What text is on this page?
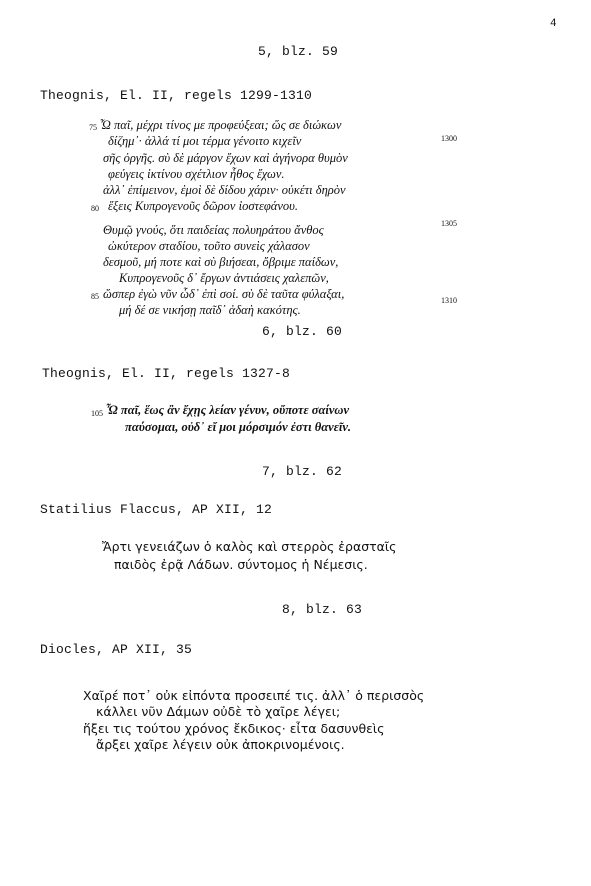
4
5, blz. 59
Theognis, El. II, regels 1299-1310
75 Ὦ παῖ, μέχρι τίνος με προφεύξεαι; ὥς σε διώκων
δίζημ᾽· ἀλλά τί μοι τέρμα γένοιτο κιχεῖν	1300
σῆς ὀργῆς. σὺ δὲ μάργον ἔχων καὶ ἀγήνορα θυμὸν
φεύγεις ἰκτίνου σχέτλιον ἦθος ἔχων.
ἀλλ᾽ ἐπίμεινον, ἐμοὶ δὲ δίδου χάριν· οὐκέτι δηρὸν
80 ἕξεις Κυπρογενοῦς δῶρον ἰοστεφάνου.
Θυμῷ γνούς, ὅτι παιδείας πολυηράτου ἄνθος	1305
ὠκύτερον σταδίου, τοῦτο συνεὶς χάλασον
δεσμοῦ, μή ποτε καὶ σὺ βιήσεαι, ὄβριμε παίδων,
Κυπρογενοῦς δ᾽ ἔργων ἀντιάσεις χαλεπῶν,
85 ὥσπερ ἐγὼ νῦν ὧδ᾽ ἐπὶ σοί. σὺ δὲ ταῦτα φύλαξαι,
μή δέ σε νικήσῃ παῖδ᾽ ἀδαὴ κακότης.
1310
6, blz. 60
Theognis, El. II, regels 1327-8
105 Ὦ παῖ, ἕως ἂν ἔχῃς λείαν γένυν, οὔποτε σαίνων
παύσομαι, οὐδ᾽ εἴ μοι μόρσιμόν ἐστι θανεῖν.
7, blz. 62
Statilius Flaccus, AP XII, 12
Ἄρτι γενειάζων ὁ καλὸς καὶ στερρὸς ἐρασταῖς
παιδὸς ἐρᾷ Λάδων. σύντομος ἡ Νέμεσις.
8, blz. 63
Diocles, AP XII, 35
Χαῖρέ ποτ᾽ οὐκ εἰπόντα προσειπέ τις. ἀλλ᾽ ὁ περισσὸς
κάλλει νῦν Δάμων οὐδὲ τὸ χαῖρε λέγει;
ἥξει τις τούτου χρόνος ἔκδικος· εἶτα δασυνθεὶς
ἄρξει χαῖρε λέγειν οὐκ ἀποκρινομένοις.
